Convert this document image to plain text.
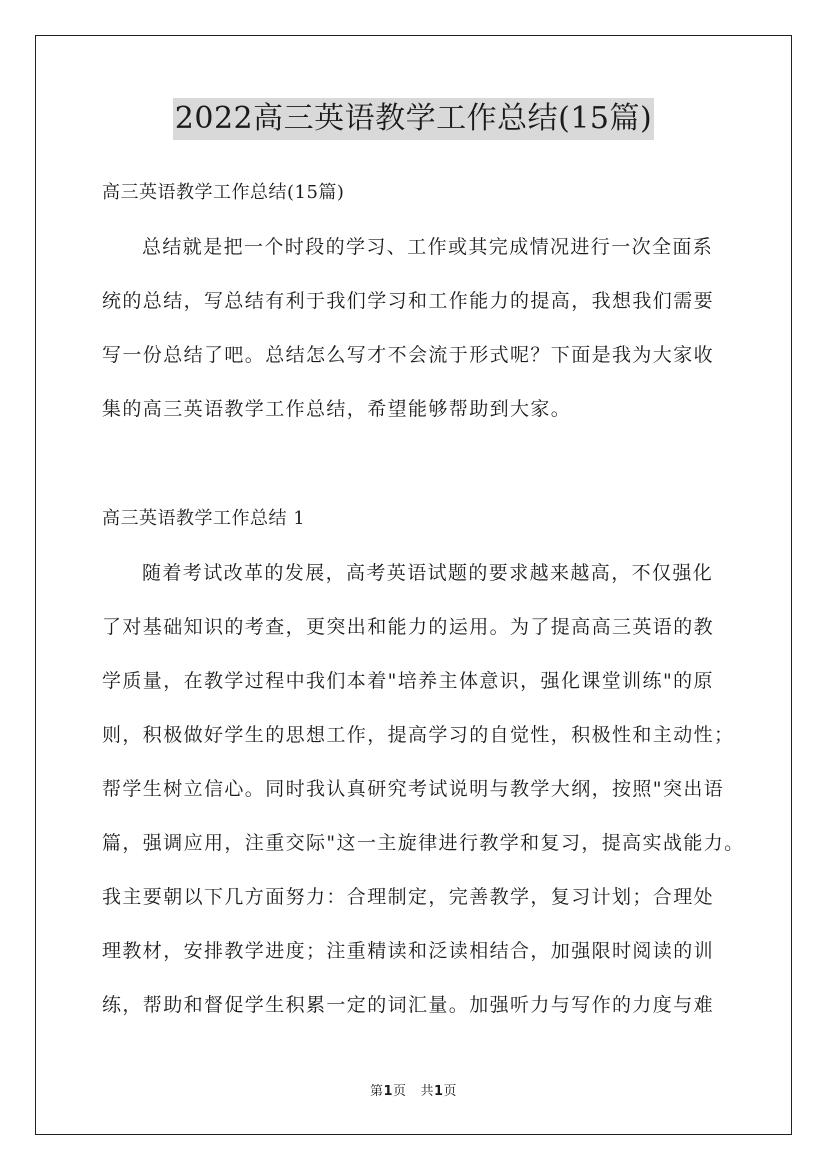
2022高三英语教学工作总结(15篇)

高三英语教学工作总结(15篇)

总结就是把一个时段的学习、工作或其完成情况进行一次全面系
统的总结，写总结有利于我们学习和工作能力的提高，我想我们需要
写一份总结了吧。总结怎么写才不会流于形式呢？下面是我为大家收
集的高三英语教学工作总结，希望能够帮助到大家。

高三英语教学工作总结 1

随着考试改革的发展，高考英语试题的要求越来越高，不仅强化
了对基础知识的考查，更突出和能力的运用。为了提高高三英语的教
学质量，在教学过程中我们本着"培养主体意识，强化课堂训练"的原
则，积极做好学生的思想工作，提高学习的自觉性，积极性和主动性；
帮学生树立信心。同时我认真研究考试说明与教学大纲，按照"突出语
篇，强调应用，注重交际"这一主旋律进行教学和复习，提高实战能力。
我主要朝以下几方面努力：合理制定，完善教学，复习计划；合理处
理教材，安排教学进度；注重精读和泛读相结合，加强限时阅读的训
练，帮助和督促学生积累一定的词汇量。加强听力与写作的力度与难

第1页 共1页
